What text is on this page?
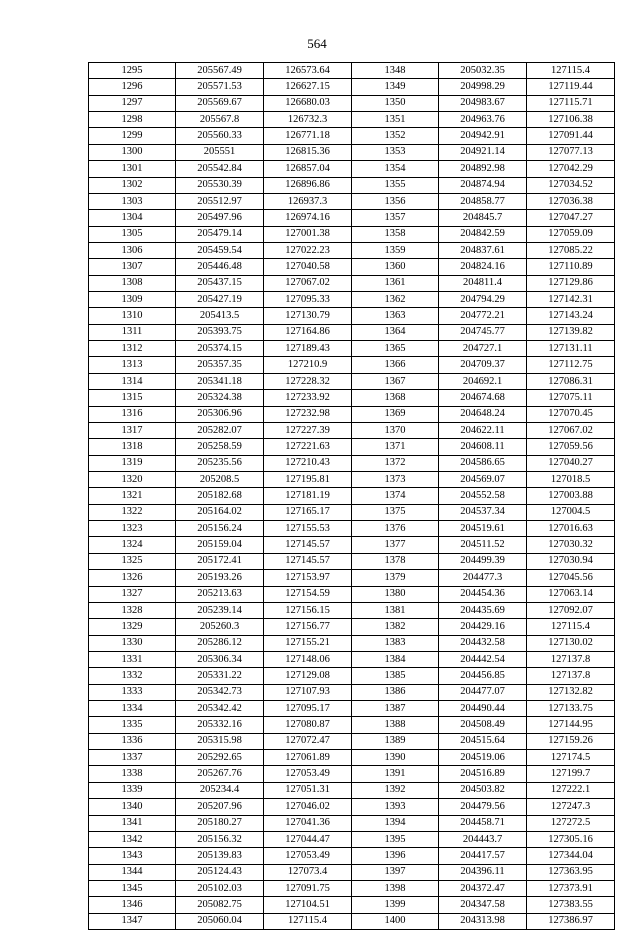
564
1295	205567.49	126573.64	1348	205032.35	127115.4
1296	205571.53	126627.15	1349	204998.29	127119.44
1297	205569.67	126680.03	1350	204983.67	127115.71
1298	205567.8	126732.3	1351	204963.76	127106.38
1299	205560.33	126771.18	1352	204942.91	127091.44
1300	205551	126815.36	1353	204921.14	127077.13
1301	205542.84	126857.04	1354	204892.98	127042.29
1302	205530.39	126896.86	1355	204874.94	127034.52
1303	205512.97	126937.3	1356	204858.77	127036.38
1304	205497.96	126974.16	1357	204845.7	127047.27
1305	205479.14	127001.38	1358	204842.59	127059.09
1306	205459.54	127022.23	1359	204837.61	127085.22
1307	205446.48	127040.58	1360	204824.16	127110.89
1308	205437.15	127067.02	1361	204811.4	127129.86
1309	205427.19	127095.33	1362	204794.29	127142.31
1310	205413.5	127130.79	1363	204772.21	127143.24
1311	205393.75	127164.86	1364	204745.77	127139.82
1312	205374.15	127189.43	1365	204727.1	127131.11
1313	205357.35	127210.9	1366	204709.37	127112.75
1314	205341.18	127228.32	1367	204692.1	127086.31
1315	205324.38	127233.92	1368	204674.68	127075.11
1316	205306.96	127232.98	1369	204648.24	127070.45
1317	205282.07	127227.39	1370	204622.11	127067.02
1318	205258.59	127221.63	1371	204608.11	127059.56
1319	205235.56	127210.43	1372	204586.65	127040.27
1320	205208.5	127195.81	1373	204569.07	127018.5
1321	205182.68	127181.19	1374	204552.58	127003.88
1322	205164.02	127165.17	1375	204537.34	127004.5
1323	205156.24	127155.53	1376	204519.61	127016.63
1324	205159.04	127145.57	1377	204511.52	127030.32
1325	205172.41	127145.57	1378	204499.39	127030.94
1326	205193.26	127153.97	1379	204477.3	127045.56
1327	205213.63	127154.59	1380	204454.36	127063.14
1328	205239.14	127156.15	1381	204435.69	127092.07
1329	205260.3	127156.77	1382	204429.16	127115.4
1330	205286.12	127155.21	1383	204432.58	127130.02
1331	205306.34	127148.06	1384	204442.54	127137.8
1332	205331.22	127129.08	1385	204456.85	127137.8
1333	205342.73	127107.93	1386	204477.07	127132.82
1334	205342.42	127095.17	1387	204490.44	127133.75
1335	205332.16	127080.87	1388	204508.49	127144.95
1336	205315.98	127072.47	1389	204515.64	127159.26
1337	205292.65	127061.89	1390	204519.06	127174.5
1338	205267.76	127053.49	1391	204516.89	127199.7
1339	205234.4	127051.31	1392	204503.82	127222.1
1340	205207.96	127046.02	1393	204479.56	127247.3
1341	205180.27	127041.36	1394	204458.71	127272.5
1342	205156.32	127044.47	1395	204443.7	127305.16
1343	205139.83	127053.49	1396	204417.57	127344.04
1344	205124.43	127073.4	1397	204396.11	127363.95
1345	205102.03	127091.75	1398	204372.47	127373.91
1346	205082.75	127104.51	1399	204347.58	127383.55
1347	205060.04	127115.4	1400	204313.98	127386.97
